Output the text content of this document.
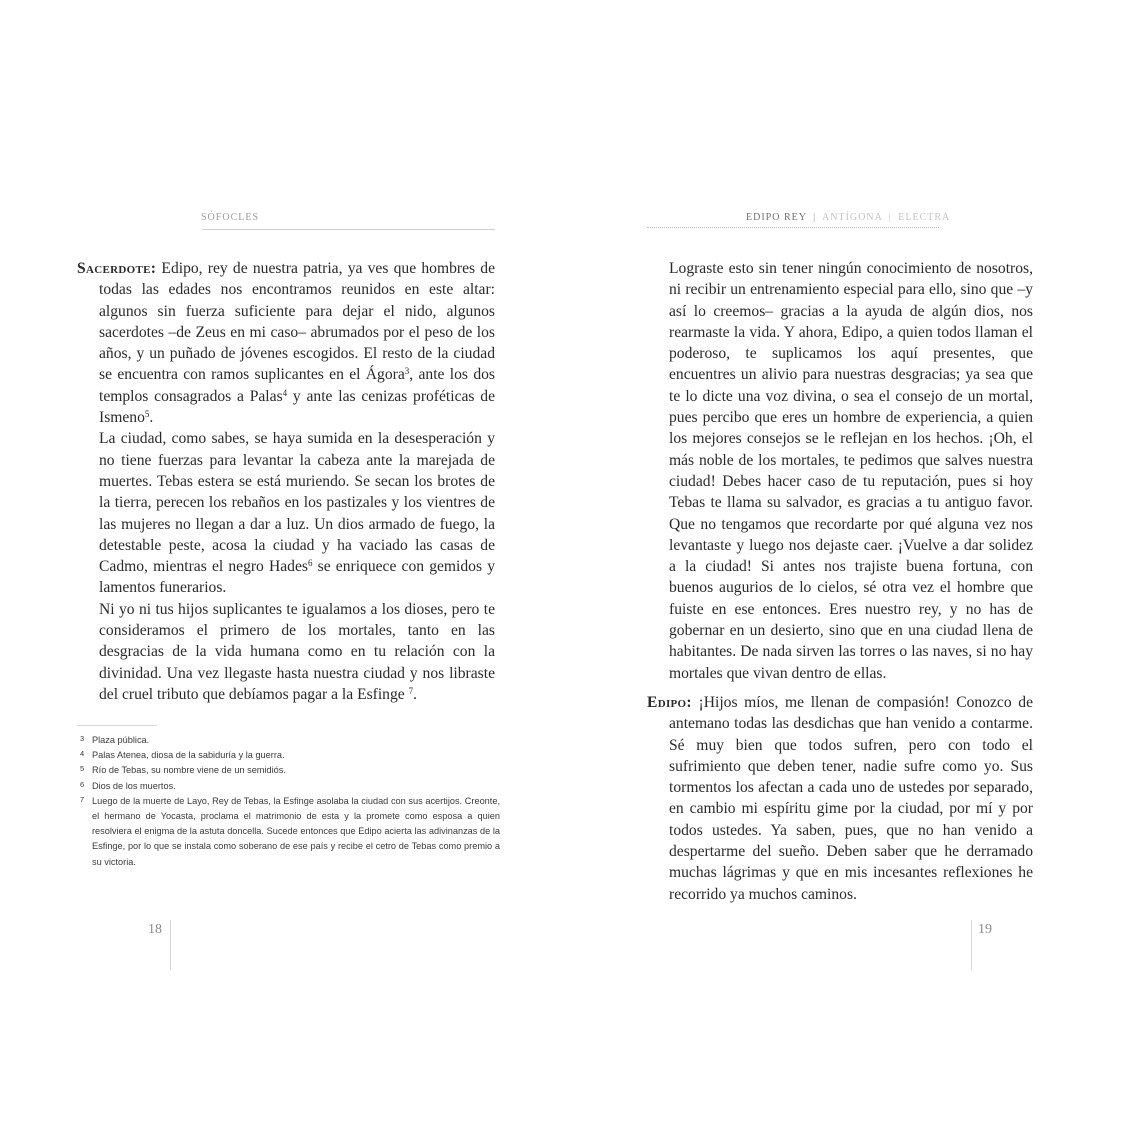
SÓFOCLES

Sacerdote: Edipo, rey de nuestra patria, ya ves que hombres de todas las edades nos encontramos reunidos en este altar: algunos sin fuerza suficiente para dejar el nido, algunos sacerdotes –de Zeus en mi caso– abrumados por el peso de los años, y un puñado de jóvenes escogidos. El resto de la ciudad se encuentra con ramos suplicantes en el Ágora$^3$, ante los dos templos consagrados a Palas$^4$ y ante las cenizas proféticas de Ismeno$^5$.

La ciudad, como sabes, se haya sumida en la desesperación y no tiene fuerzas para levantar la cabeza ante la marejada de muertes. Tebas estera se está muriendo. Se secan los brotes de la tierra, perecen los rebaños en los pastizales y los vientres de las mujeres no llegan a dar a luz. Un dios armado de fuego, la detestable peste, acosa la ciudad y ha vaciado las casas de Cadmo, mientras el negro Hades$^6$ se enriquece con gemidos y lamentos funerarios.

Ni yo ni tus hijos suplicantes te igualamos a los dioses, pero te consideramos el primero de los mortales, tanto en las desgracias de la vida humana como en tu relación con la divinidad. Una vez llegaste hasta nuestra ciudad y nos libraste del cruel tributo que debíamos pagar a la Esfinge $^7$.

3 Plaza pública.
4 Palas Atenea, diosa de la sabiduría y la guerra.
5 Río de Tebas, su nombre viene de un semidiós.
6 Dios de los muertos.
7 Luego de la muerte de Layo, Rey de Tebas, la Esfinge asolaba la ciudad con sus acertijos. Creonte, el hermano de Yocasta, proclama el matrimonio de esta y la promete como esposa a quien resolviera el enigma de la astuta doncella. Sucede entonces que Edipo acierta las adivinanzas de la Esfinge, por lo que se instala como soberano de ese país y recibe el cetro de Tebas como premio a su victoria.
18
EDIPO REY | ANTÍGONA | ELECTRA

Lograste esto sin tener ningún conocimiento de nosotros, ni recibir un entrenamiento especial para ello, sino que –y así lo creemos– gracias a la ayuda de algún dios, nos rearmaste la vida. Y ahora, Edipo, a quien todos llaman el poderoso, te suplicamos los aquí presentes, que encuentres un alivio para nuestras desgracias; ya sea que te lo dicte una voz divina, o sea el consejo de un mortal, pues percibo que eres un hombre de experiencia, a quien los mejores consejos se le reflejan en los hechos. ¡Oh, el más noble de los mortales, te pedimos que salves nuestra ciudad! Debes hacer caso de tu reputación, pues si hoy Tebas te llama su salvador, es gracias a tu antiguo favor. Que no tengamos que recordarte por qué alguna vez nos levantaste y luego nos dejaste caer. ¡Vuelve a dar solidez a la ciudad! Si antes nos trajiste buena fortuna, con buenos augurios de lo cielos, sé otra vez el hombre que fuiste en ese entonces. Eres nuestro rey, y no has de gobernar en un desierto, sino que en una ciudad llena de habitantes. De nada sirven las torres o las naves, si no hay mortales que vivan dentro de ellas.

Edipo: ¡Hijos míos, me llenan de compasión! Conozco de antemano todas las desdichas que han venido a contarme. Sé muy bien que todos sufren, pero con todo el sufrimiento que deben tener, nadie sufre como yo. Sus tormentos los afectan a cada uno de ustedes por separado, en cambio mi espíritu gime por la ciudad, por mí y por todos ustedes. Ya saben, pues, que no han venido a despertarme del sueño. Deben saber que he derramado muchas lágrimas y que en mis incesantes reflexiones he recorrido ya muchos caminos.

19
